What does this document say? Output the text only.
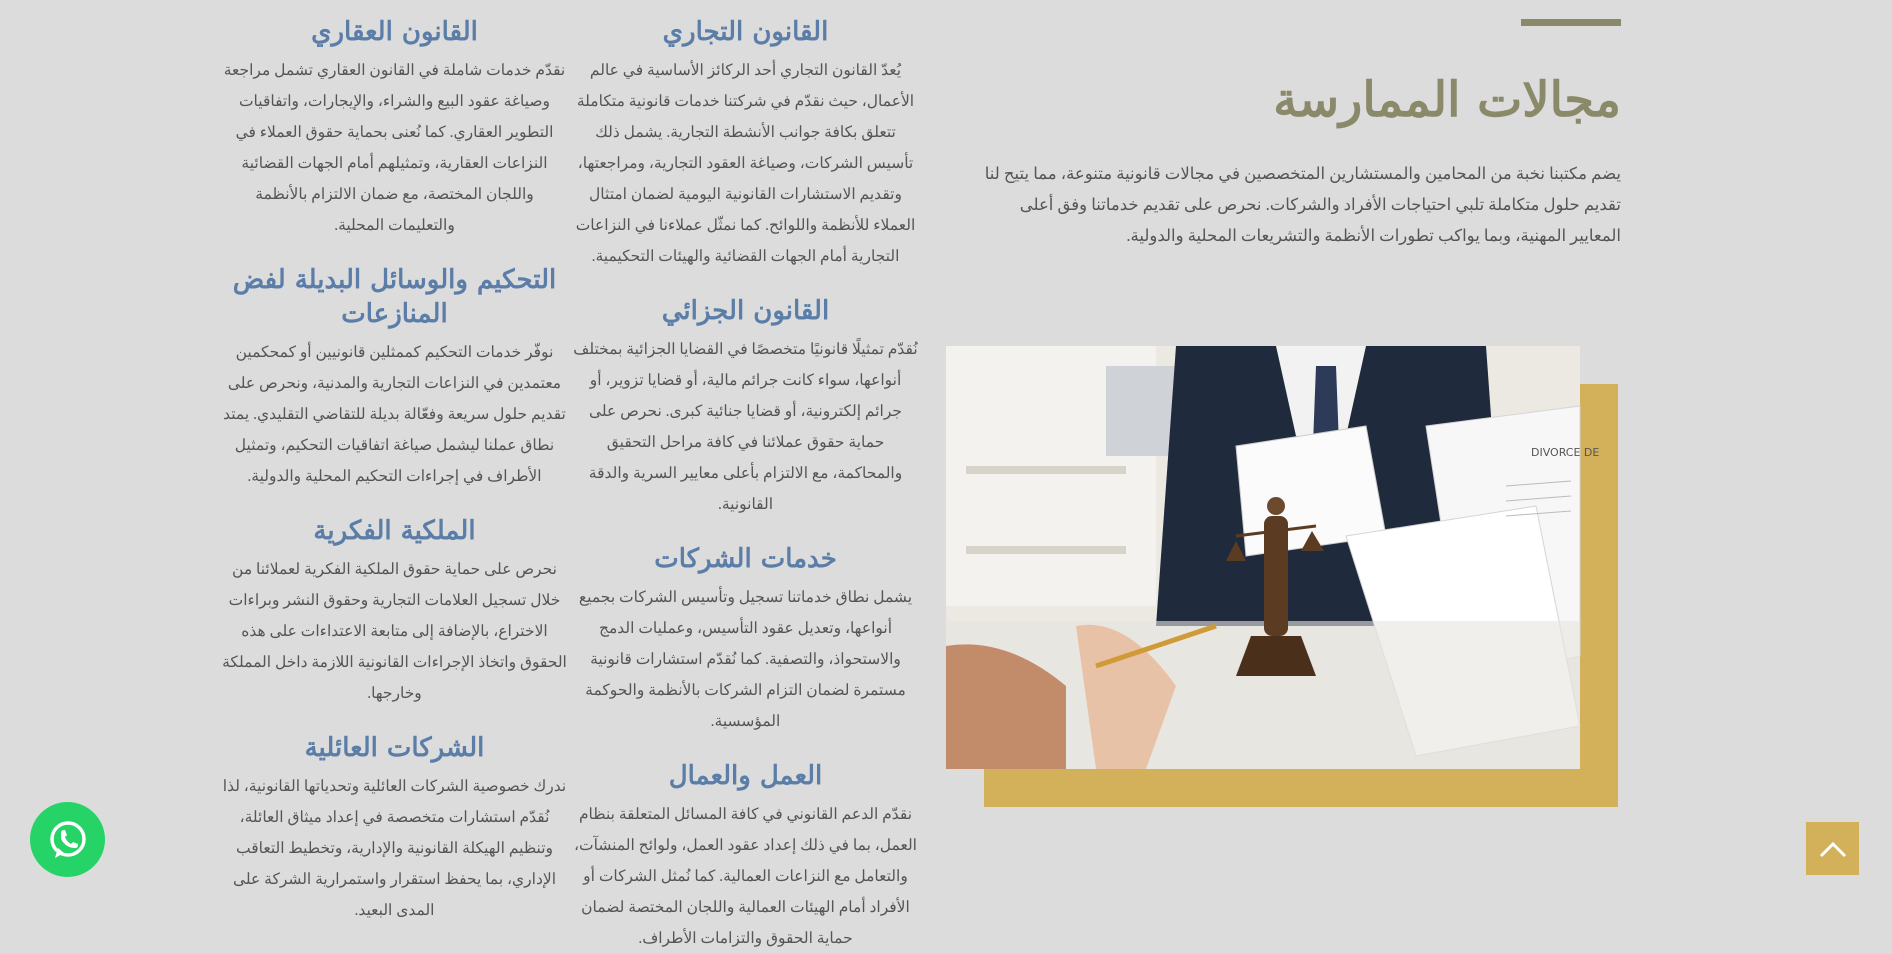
مجالات الممارسة

يضم مكتبنا نخبة من المحامين والمستشارين المتخصصين في مجالات قانونية متنوعة، مما يتيح لنا تقديم حلول متكاملة تلبي احتياجات الأفراد والشركات. نحرص على تقديم خدماتنا وفق أعلى المعايير المهنية، وبما يواكب تطورات الأنظمة والتشريعات المحلية والدولية.

DIVORCE DE
القانون التجاري

يُعدّ القانون التجاري أحد الركائز الأساسية في عالم الأعمال، حيث نقدّم في شركتنا خدمات قانونية متكاملة تتعلق بكافة جوانب الأنشطة التجارية. يشمل ذلك تأسيس الشركات، وصياغة العقود التجارية، ومراجعتها، وتقديم الاستشارات القانونية اليومية لضمان امتثال العملاء للأنظمة واللوائح. كما نمثّل عملاءنا في النزاعات التجارية أمام الجهات القضائية والهيئات التحكيمية.

القانون الجزائي

نُقدّم تمثيلًا قانونيًا متخصصًا في القضايا الجزائية بمختلف أنواعها، سواء كانت جرائم مالية، أو قضايا تزوير، أو جرائم إلكترونية، أو قضايا جنائية كبرى. نحرص على حماية حقوق عملائنا في كافة مراحل التحقيق والمحاكمة، مع الالتزام بأعلى معايير السرية والدقة القانونية.

خدمات الشركات

يشمل نطاق خدماتنا تسجيل وتأسيس الشركات بجميع أنواعها، وتعديل عقود التأسيس، وعمليات الدمج والاستحواذ، والتصفية. كما نُقدّم استشارات قانونية مستمرة لضمان التزام الشركات بالأنظمة والحوكمة المؤسسية.

العمل والعمال

نقدّم الدعم القانوني في كافة المسائل المتعلقة بنظام العمل، بما في ذلك إعداد عقود العمل، ولوائح المنشآت، والتعامل مع النزاعات العمالية. كما نُمثل الشركات أو الأفراد أمام الهيئات العمالية واللجان المختصة لضمان حماية الحقوق والتزامات الأطراف.

القانون العقاري

نقدّم خدمات شاملة في القانون العقاري تشمل مراجعة وصياغة عقود البيع والشراء، والإيجارات، واتفاقيات التطوير العقاري. كما نُعنى بحماية حقوق العملاء في النزاعات العقارية، وتمثيلهم أمام الجهات القضائية واللجان المختصة، مع ضمان الالتزام بالأنظمة والتعليمات المحلية.

التحكيم والوسائل البديلة لفض المنازعات

نوفّر خدمات التحكيم كممثلين قانونيين أو كمحكمين معتمدين في النزاعات التجارية والمدنية، ونحرص على تقديم حلول سريعة وفعّالة بديلة للتقاضي التقليدي. يمتد نطاق عملنا ليشمل صياغة اتفاقيات التحكيم، وتمثيل الأطراف في إجراءات التحكيم المحلية والدولية.

الملكية الفكرية

نحرص على حماية حقوق الملكية الفكرية لعملائنا من خلال تسجيل العلامات التجارية وحقوق النشر وبراءات الاختراع، بالإضافة إلى متابعة الاعتداءات على هذه الحقوق واتخاذ الإجراءات القانونية اللازمة داخل المملكة وخارجها.

الشركات العائلية

ندرك خصوصية الشركات العائلية وتحدياتها القانونية، لذا نُقدّم استشارات متخصصة في إعداد ميثاق العائلة، وتنظيم الهيكلة القانونية والإدارية، وتخطيط التعاقب الإداري، بما يحفظ استقرار واستمرارية الشركة على المدى البعيد.
